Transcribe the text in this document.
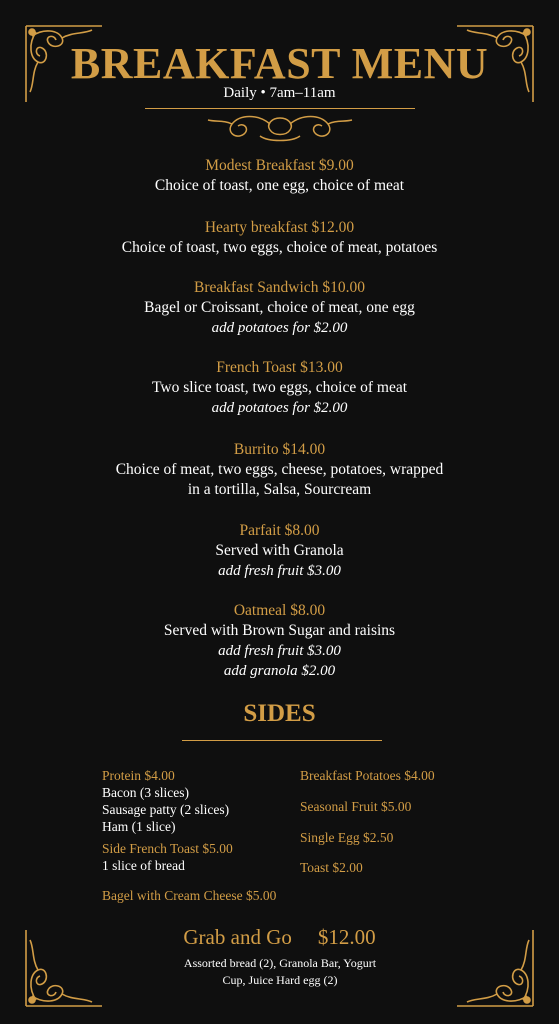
BREAKFAST MENU
Daily • 7am–11am
Modest Breakfast $9.00
Choice of toast, one egg, choice of meat
Hearty breakfast $12.00
Choice of toast, two eggs, choice of meat, potatoes
Breakfast Sandwich $10.00
Bagel or Croissant, choice of meat, one egg
add potatoes for $2.00
French Toast $13.00
Two slice toast, two eggs, choice of meat
add potatoes for $2.00
Burrito $14.00
Choice of meat, two eggs, cheese, potatoes, wrapped
in a tortilla, Salsa, Sourcream
Parfait $8.00
Served with Granola
add fresh fruit $3.00
Oatmeal $8.00
Served with Brown Sugar and raisins
add fresh fruit $3.00
add granola $2.00
SIDES
Protein $4.00
Bacon (3 slices)
Sausage patty (2 slices)
Ham (1 slice)
Side French Toast $5.00
1 slice of bread
Bagel with Cream Cheese $5.00
Breakfast Potatoes $4.00
Seasonal Fruit $5.00
Single Egg $2.50
Toast $2.00
Grab and Go $12.00
Assorted bread (2), Granola Bar, Yogurt
Cup, Juice Hard egg (2)
